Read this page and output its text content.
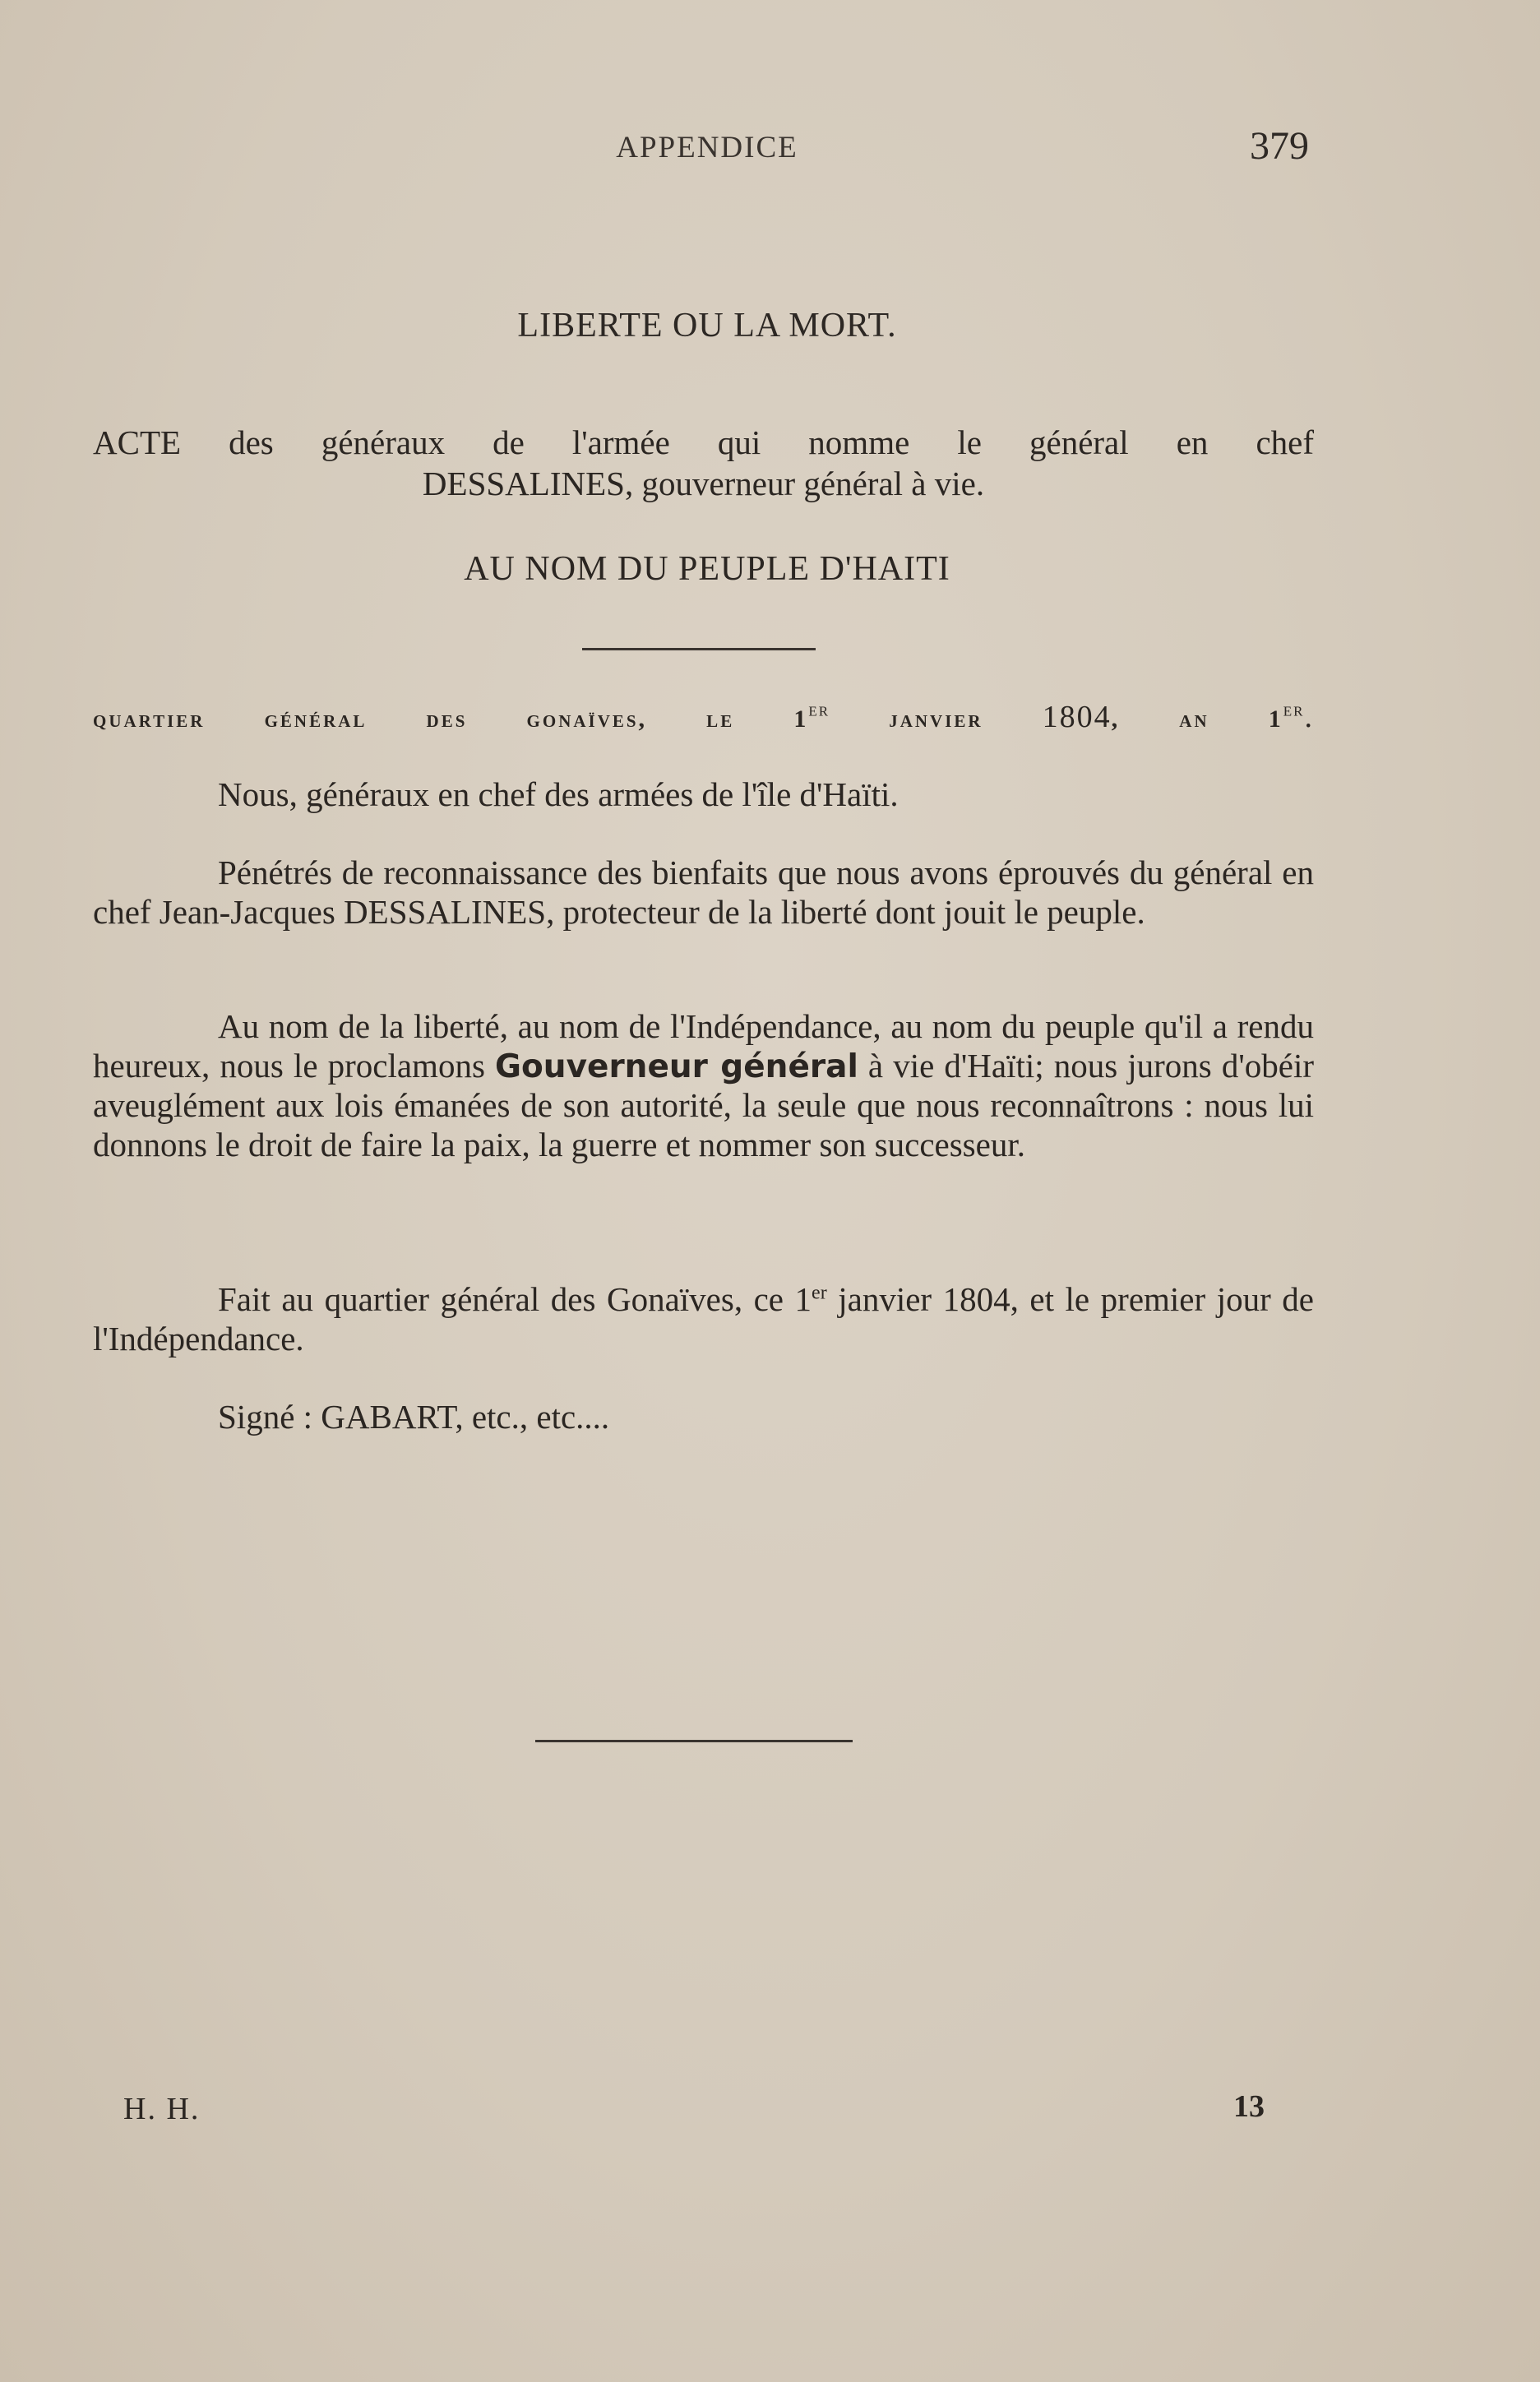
APPENDICE	379
LIBERTE OU LA MORT.
ACTE des généraux de l'armée qui nomme le général en chef
DESSALINES, gouverneur général à vie.
AU NOM DU PEUPLE D'HAITI
quartier général des gonaïves, le 1er janvier 1804, an 1er.
Nous, généraux en chef des armées de l'île d'Haïti.
Pénétrés de reconnaissance des bienfaits que nous avons éprouvés du général en chef Jean-Jacques DESSALINES, protecteur de la liberté dont jouit le peuple.
Au nom de la liberté, au nom de l'Indépendance, au nom du peuple qu'il a rendu heureux, nous le proclamons Gouverneur général à vie d'Haïti; nous jurons d'obéir aveuglément aux lois émanées de son autorité, la seule que nous reconnaîtrons : nous lui donnons le droit de faire la paix, la guerre et nommer son successeur.
Fait au quartier général des Gonaïves, ce 1er janvier 1804, et le premier jour de l'Indépendance.
Signé : GABART, etc., etc....
H. H.	13
